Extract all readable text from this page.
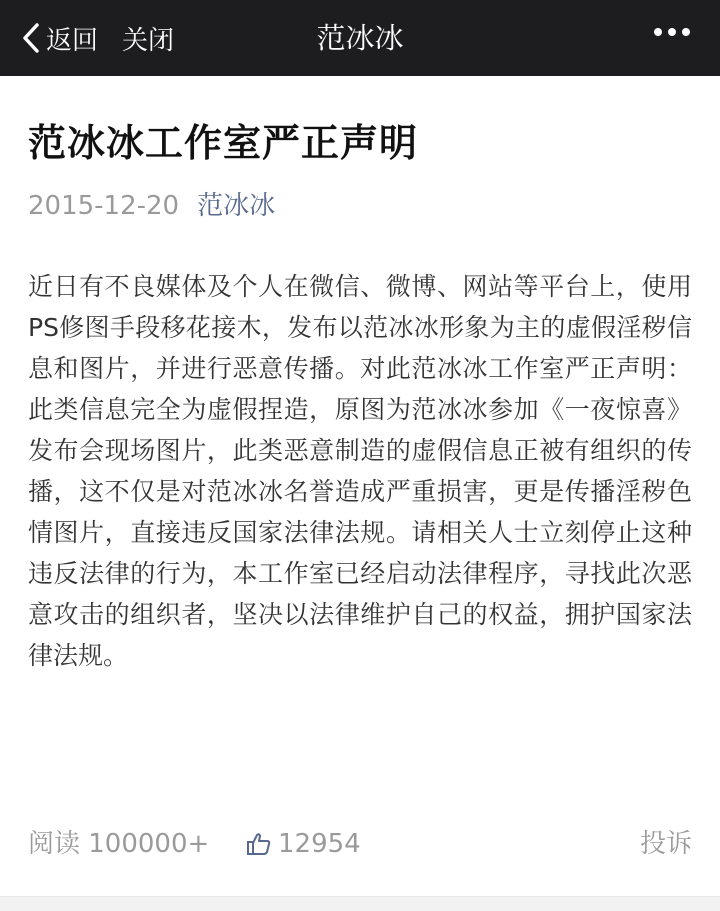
返回 关闭	范冰冰
范冰冰工作室严正声明
2015-12-20 范冰冰

近日有不良媒体及个人在微信、微博、网站等平台上，使用PS修图手段移花接木，发布以范冰冰形象为主的虚假淫秽信息和图片，并进行恶意传播。对此范冰冰工作室严正声明：此类信息完全为虚假捏造，原图为范冰冰参加《一夜惊喜》发布会现场图片，此类恶意制造的虚假信息正被有组织的传播，这不仅是对范冰冰名誉造成严重损害，更是传播淫秽色情图片，直接违反国家法律法规。请相关人士立刻停止这种违反法律的行为，本工作室已经启动法律程序，寻找此次恶意攻击的组织者，坚决以法律维护自己的权益，拥护国家法律法规。

阅读 100000+	12954	投诉
